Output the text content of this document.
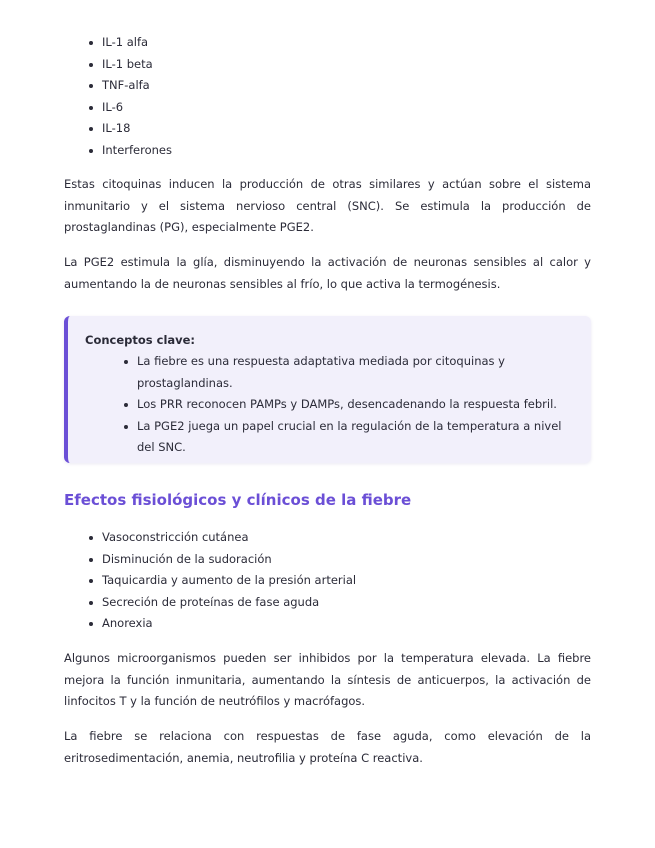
IL-1 alfa
IL-1 beta
TNF-alfa
IL-6
IL-18
Interferones

Estas citoquinas inducen la producción de otras similares y actúan sobre el sistema inmunitario y el sistema nervioso central (SNC). Se estimula la producción de prostaglandinas (PG), especialmente PGE2.

La PGE2 estimula la glía, disminuyendo la activación de neuronas sensibles al calor y aumentando la de neuronas sensibles al frío, lo que activa la termogénesis.

Conceptos clave:
La fiebre es una respuesta adaptativa mediada por citoquinas y prostaglandinas.
Los PRR reconocen PAMPs y DAMPs, desencadenando la respuesta febril.
La PGE2 juega un papel crucial en la regulación de la temperatura a nivel del SNC.
Efectos fisiológicos y clínicos de la fiebre
Vasoconstricción cutánea
Disminución de la sudoración
Taquicardia y aumento de la presión arterial
Secreción de proteínas de fase aguda
Anorexia

Algunos microorganismos pueden ser inhibidos por la temperatura elevada. La fiebre mejora la función inmunitaria, aumentando la síntesis de anticuerpos, la activación de linfocitos T y la función de neutrófilos y macrófagos.

La fiebre se relaciona con respuestas de fase aguda, como elevación de la eritrosedimentación, anemia, neutrofilia y proteína C reactiva.
